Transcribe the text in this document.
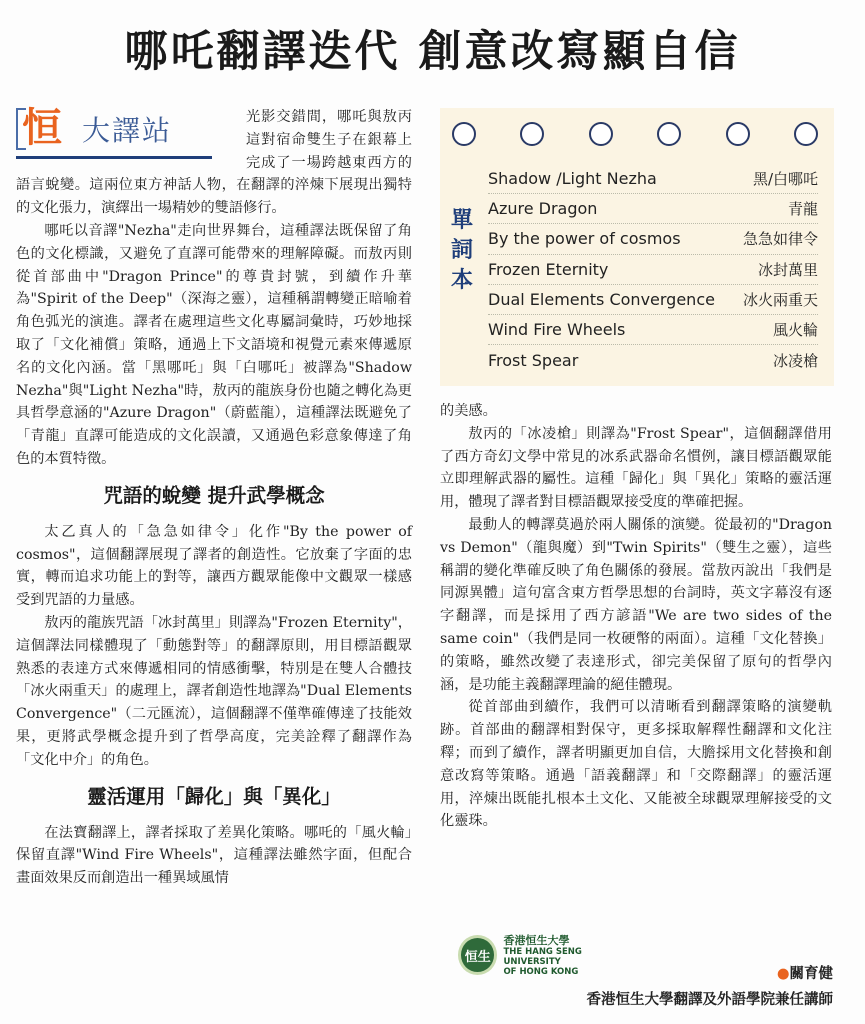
哪吒翻譯迭代 創意改寫顯自信
單
詞
本
Shadow /Light Nezha	黑/白哪吒
Azure Dragon	青龍
By the power of cosmos	急急如律令
Frozen Eternity	冰封萬里
Dual Elements Convergence 冰火兩重天
Wind Fire Wheels	風火輪
Frost Spear	冰凌槍
恒 大譯站	光影交錯間，哪吒與敖丙這對宿命雙生子在銀幕上完成了一場跨越東西方的語言蛻變。這兩位東方神話人物，在翻譯的淬煉下展現出獨特的文化張力，演繹出一場精妙的雙語修行。

哪吒以音譯"Nezha"走向世界舞台，這種譯法既保留了角色的文化標識，又避免了直譯可能帶來的理解障礙。而敖丙則從首部曲中"Dragon Prince"的尊貴封號，到續作升華為"Spirit of the Deep"（深海之靈），這種稱謂轉變正暗喻着角色弧光的演進。譯者在處理這些文化專屬詞彙時，巧妙地採取了「文化補償」策略，通過上下文語境和視覺元素來傳遞原名的文化內涵。當「黑哪吒」與「白哪吒」被譯為"Shadow Nezha"與"Light Nezha"時，敖丙的龍族身份也隨之轉化為更具哲學意涵的"Azure Dragon"（蔚藍龍），這種譯法既避免了「青龍」直譯可能造成的文化誤讀，又通過色彩意象傳達了角色的本質特徵。

咒語的蛻變 提升武學概念

太乙真人的「急急如律令」化作"By the power of cosmos"，這個翻譯展現了譯者的創造性。它放棄了字面的忠實，轉而追求功能上的對等，讓西方觀眾能像中文觀眾一樣感受到咒語的力量感。

敖丙的龍族咒語「冰封萬里」則譯為"Frozen Eternity"，這個譯法同樣體現了「動態對等」的翻譯原則，用目標語觀眾熟悉的表達方式來傳遞相同的情感衝擊，特別是在雙人合體技「冰火兩重天」的處理上，譯者創造性地譯為"Dual Elements Convergence"（二元匯流），這個翻譯不僅準確傳達了技能效果，更將武學概念提升到了哲學高度，完美詮釋了翻譯作為「文化中介」的角色。

靈活運用「歸化」與「異化」

在法寶翻譯上，譯者採取了差異化策略。哪吒的「風火輪」保留直譯"Wind Fire Wheels"，這種譯法雖然字面，但配合畫面效果反而創造出一種異域風情

的美感。

敖丙的「冰凌槍」則譯為"Frost Spear"，這個翻譯借用了西方奇幻文學中常見的冰系武器命名慣例，讓目標語觀眾能立即理解武器的屬性。這種「歸化」與「異化」策略的靈活運用，體現了譯者對目標語觀眾接受度的準確把握。

最動人的轉譯莫過於兩人關係的演變。從最初的"Dragon vs Demon"（龍與魔）到"Twin Spirits"（雙生之靈），這些稱謂的變化準確反映了角色關係的發展。當敖丙說出「我們是同源異體」這句富含東方哲學思想的台詞時，英文字幕沒有逐字翻譯，而是採用了西方諺語"We are two sides of the same coin"（我們是同一枚硬幣的兩面）。這種「文化替換」的策略，雖然改變了表達形式，卻完美保留了原句的哲學內涵，是功能主義翻譯理論的絕佳體現。

從首部曲到續作，我們可以清晰看到翻譯策略的演變軌跡。首部曲的翻譯相對保守，更多採取解釋性翻譯和文化注釋；而到了續作，譯者明顯更加自信，大膽採用文化替換和創意改寫等策略。通過「語義翻譯」和「交際翻譯」的靈活運用，淬煉出既能扎根本土文化、又能被全球觀眾理解接受的文化靈珠。

恒生
香港恒生大學
THE HANG SENG UNIVERSITY
OF HONG KONG	●關育健
香港恒生大學翻譯及外語學院兼任講師
